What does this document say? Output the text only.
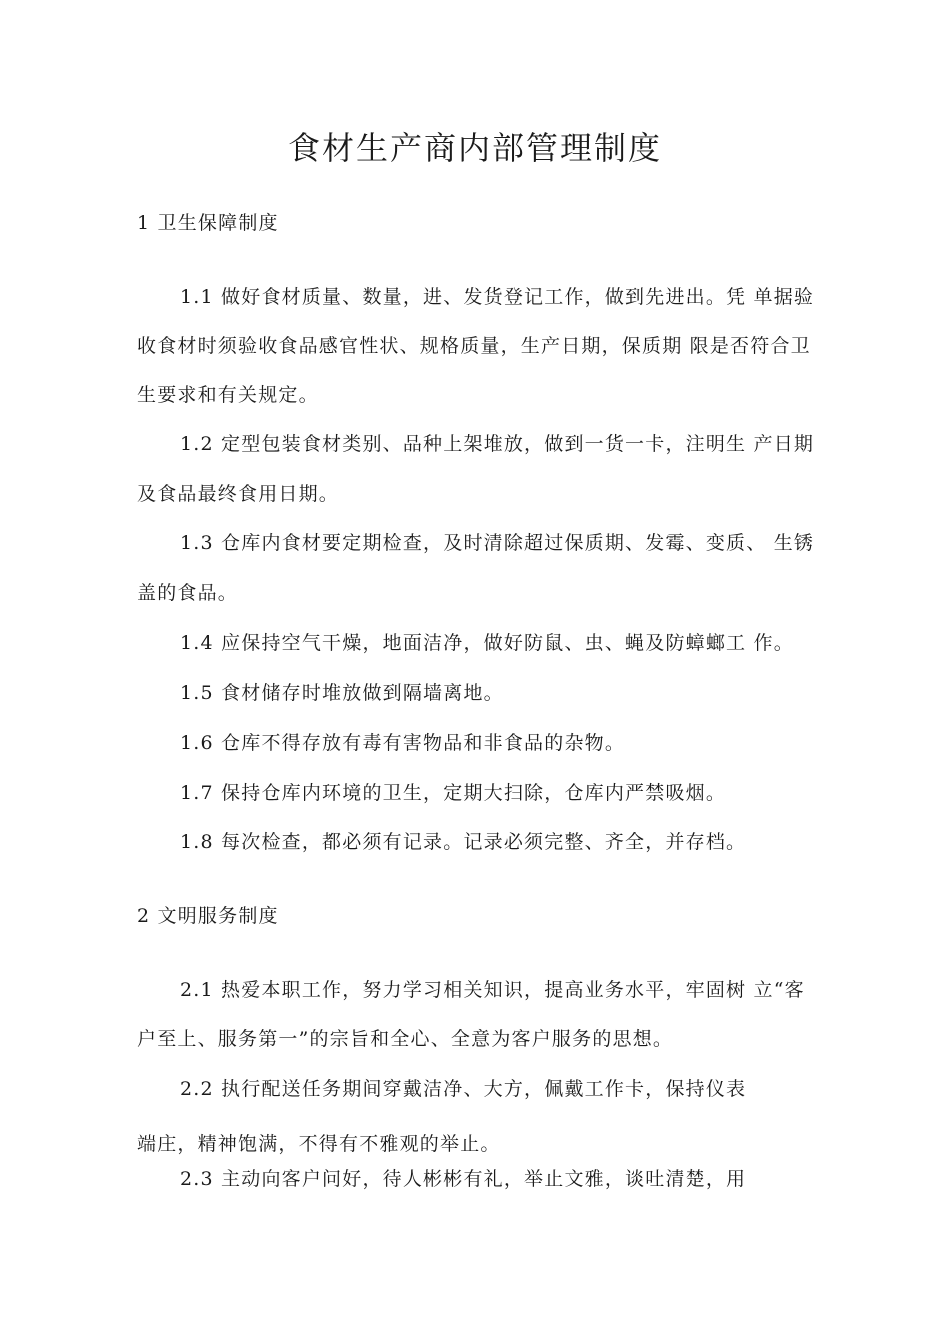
食材生产商内部管理制度
1 卫生保障制度
1.1 做好食材质量、数量，进、发货登记工作，做到先进出。凭 单据验
收食材时须验收食品感官性状、规格质量，生产日期，保质期 限是否符合卫
生要求和有关规定。
1.2 定型包装食材类别、品种上架堆放，做到一货一卡，注明生 产日期
及食品最终食用日期。
1.3 仓库内食材要定期检查，及时清除超过保质期、发霉、变质、 生锈
盖的食品。
1.4 应保持空气干燥，地面洁净，做好防鼠、虫、蝇及防蟑螂工 作。
1.5 食材储存时堆放做到隔墙离地。
1.6 仓库不得存放有毒有害物品和非食品的杂物。
1.7 保持仓库内环境的卫生，定期大扫除，仓库内严禁吸烟。
1.8 每次检查，都必须有记录。记录必须完整、齐全，并存档。
2 文明服务制度
2.1 热爱本职工作，努力学习相关知识，提高业务水平，牢固树 立“客
户至上、服务第一”的宗旨和全心、全意为客户服务的思想。
2.2 执行配送任务期间穿戴洁净、大方，佩戴工作卡，保持仪表
端庄，精神饱满，不得有不雅观的举止。
2.3 主动向客户问好，待人彬彬有礼，举止文雅，谈吐清楚，用
